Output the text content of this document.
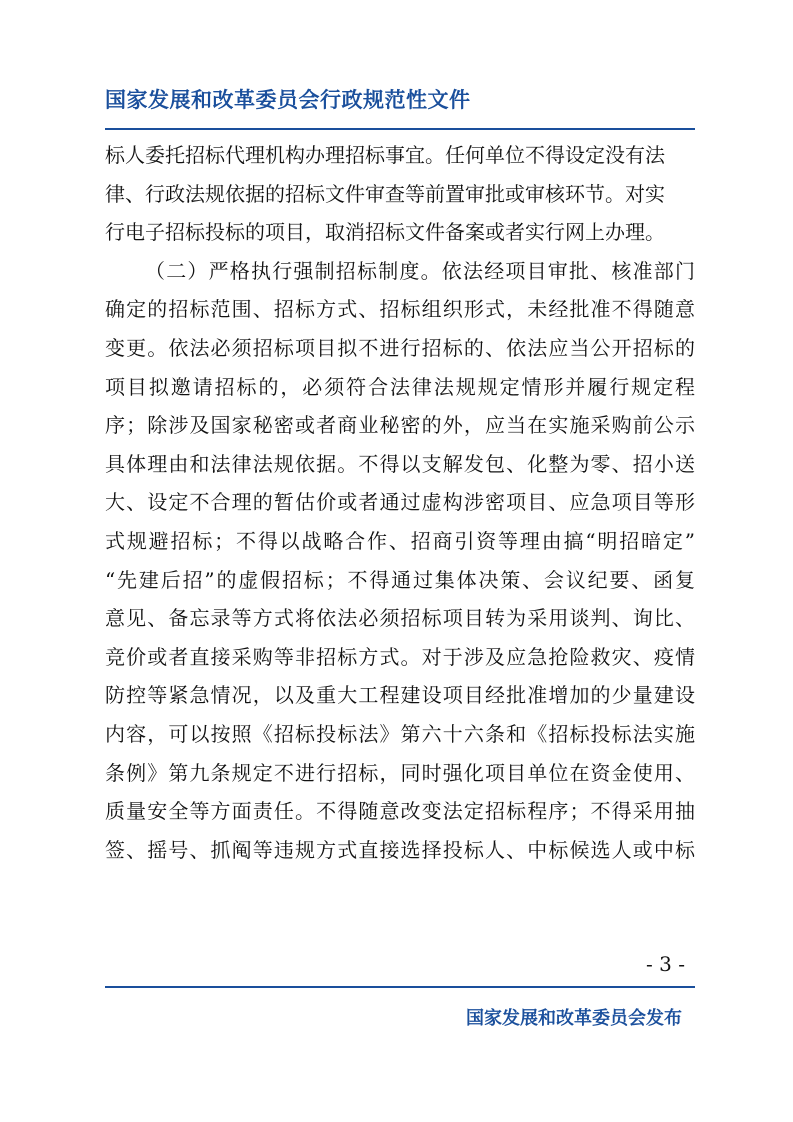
国家发展和改革委员会行政规范性文件
标人委托招标代理机构办理招标事宜。任何单位不得设定没有法
律、行政法规依据的招标文件审查等前置审批或审核环节。对实
行电子招标投标的项目，取消招标文件备案或者实行网上办理。
（二）严格执行强制招标制度。依法经项目审批、核准部门
确定的招标范围、招标方式、招标组织形式，未经批准不得随意
变更。依法必须招标项目拟不进行招标的、依法应当公开招标的
项目拟邀请招标的，必须符合法律法规规定情形并履行规定程
序；除涉及国家秘密或者商业秘密的外，应当在实施采购前公示
具体理由和法律法规依据。不得以支解发包、化整为零、招小送
大、设定不合理的暂估价或者通过虚构涉密项目、应急项目等形
式规避招标；不得以战略合作、招商引资等理由搞“明招暗定”
“先建后招”的虚假招标；不得通过集体决策、会议纪要、函复
意见、备忘录等方式将依法必须招标项目转为采用谈判、询比、
竞价或者直接采购等非招标方式。对于涉及应急抢险救灾、疫情
防控等紧急情况，以及重大工程建设项目经批准增加的少量建设
内容，可以按照《招标投标法》第六十六条和《招标投标法实施
条例》第九条规定不进行招标，同时强化项目单位在资金使用、
质量安全等方面责任。不得随意改变法定招标程序；不得采用抽
签、摇号、抓阄等违规方式直接选择投标人、中标候选人或中标
- 3 -
国家发展和改革委员会发布
